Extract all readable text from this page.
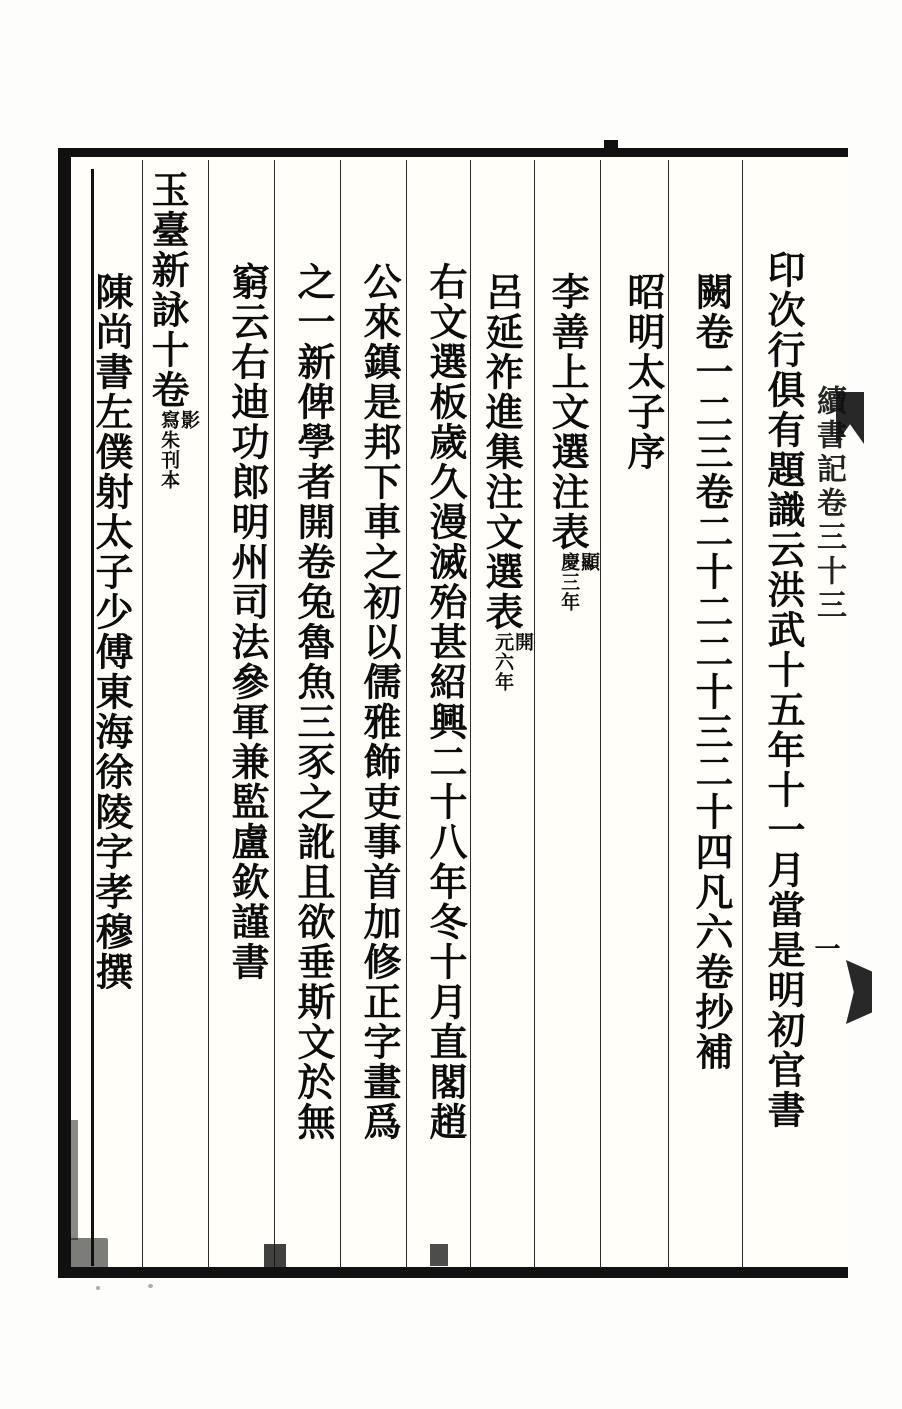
續書記卷三十三
一
印次行俱有題識云洪武十五年十一月當是明初官書
闕卷一二三卷二十二二十三二十四凡六卷抄補
昭明太子序
李善上文選注表
顯
慶三年
呂延祚進集注文選表
開
元六年
右文選板歲久漫滅殆甚紹興二十八年冬十月直閣趙
公來鎮是邦下車之初以儒雅飾吏事首加修正字畫爲
之一新俾學者開卷兔魯魚三豕之訛且欲垂斯文於無
窮云右迪功郎明州司法參軍兼監盧欽謹書
玉臺新詠十卷
影
寫朱刊本
陳尚書左僕射太子少傅東海徐陵字孝穆撰
